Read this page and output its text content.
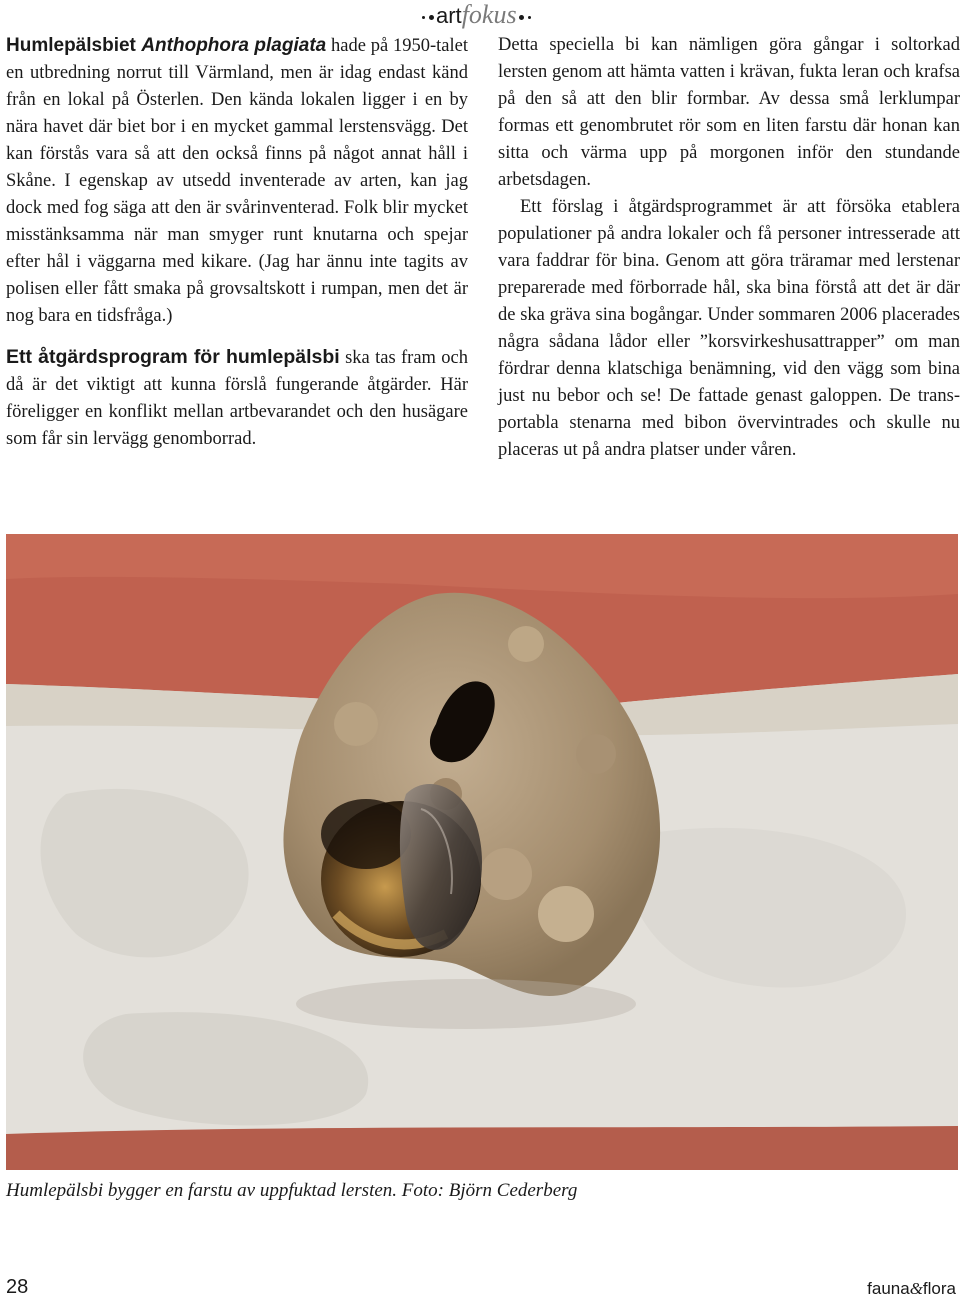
artfokus

Humlepälsbiet Anthophora plagiata hade på 1950-talet en utbredning norrut till Värmland, men är idag endast känd från en lokal på Österlen. Den kända lokalen ligger i en by nära havet där biet bor i en mycket gammal lerstensvägg. Det kan förstås vara så att den också finns på något annat håll i Skåne. I egenskap av utsedd inventerade av arten, kan jag dock med fog säga att den är svårinventerad. Folk blir mycket misstänksamma när man smyger runt knutarna och spejar efter hål i väggarna med kikare. (Jag har ännu inte tagits av polisen eller fått smaka på grovsaltskott i rumpan, men det är nog bara en tidsfråga.)

Ett åtgärdsprogram för humlepälsbi ska tas fram och då är det viktigt att kunna förslå fungerande åtgärder. Här föreligger en konflikt mellan artbevarandet och den husägare som får sin lervägg genomborrad.

Detta speciella bi kan nämligen göra gångar i soltorkad lersten genom att hämta vatten i krävan, fukta leran och krafsa på den så att den blir formbar. Av dessa små lerklumpar formas ett genombrutet rör som en liten farstu där honan kan sitta och värma upp på morgonen inför den stundande arbetsdagen.

Ett förslag i åtgärdsprogrammet är att försöka etablera populationer på andra lokaler och få personer intresserade att vara faddrar för bina. Genom att göra träramar med lerstenar preparerade med förborrade hål, ska bina förstå att det är där de ska gräva sina bogångar. Under sommaren 2006 placerades några sådana lådor eller ”korsvirkeshusattrapper” om man fördrar denna klatschiga benämning, vid den vägg som bina just nu bebor och se! De fattade genast galoppen. De transportabla stenarna med bibon övervintrades och skulle nu placeras ut på andra platser under våren.

Humlepälsbi bygger en farstu av uppfuktad lersten. Foto: Björn Cederberg
28	fauna&flora
